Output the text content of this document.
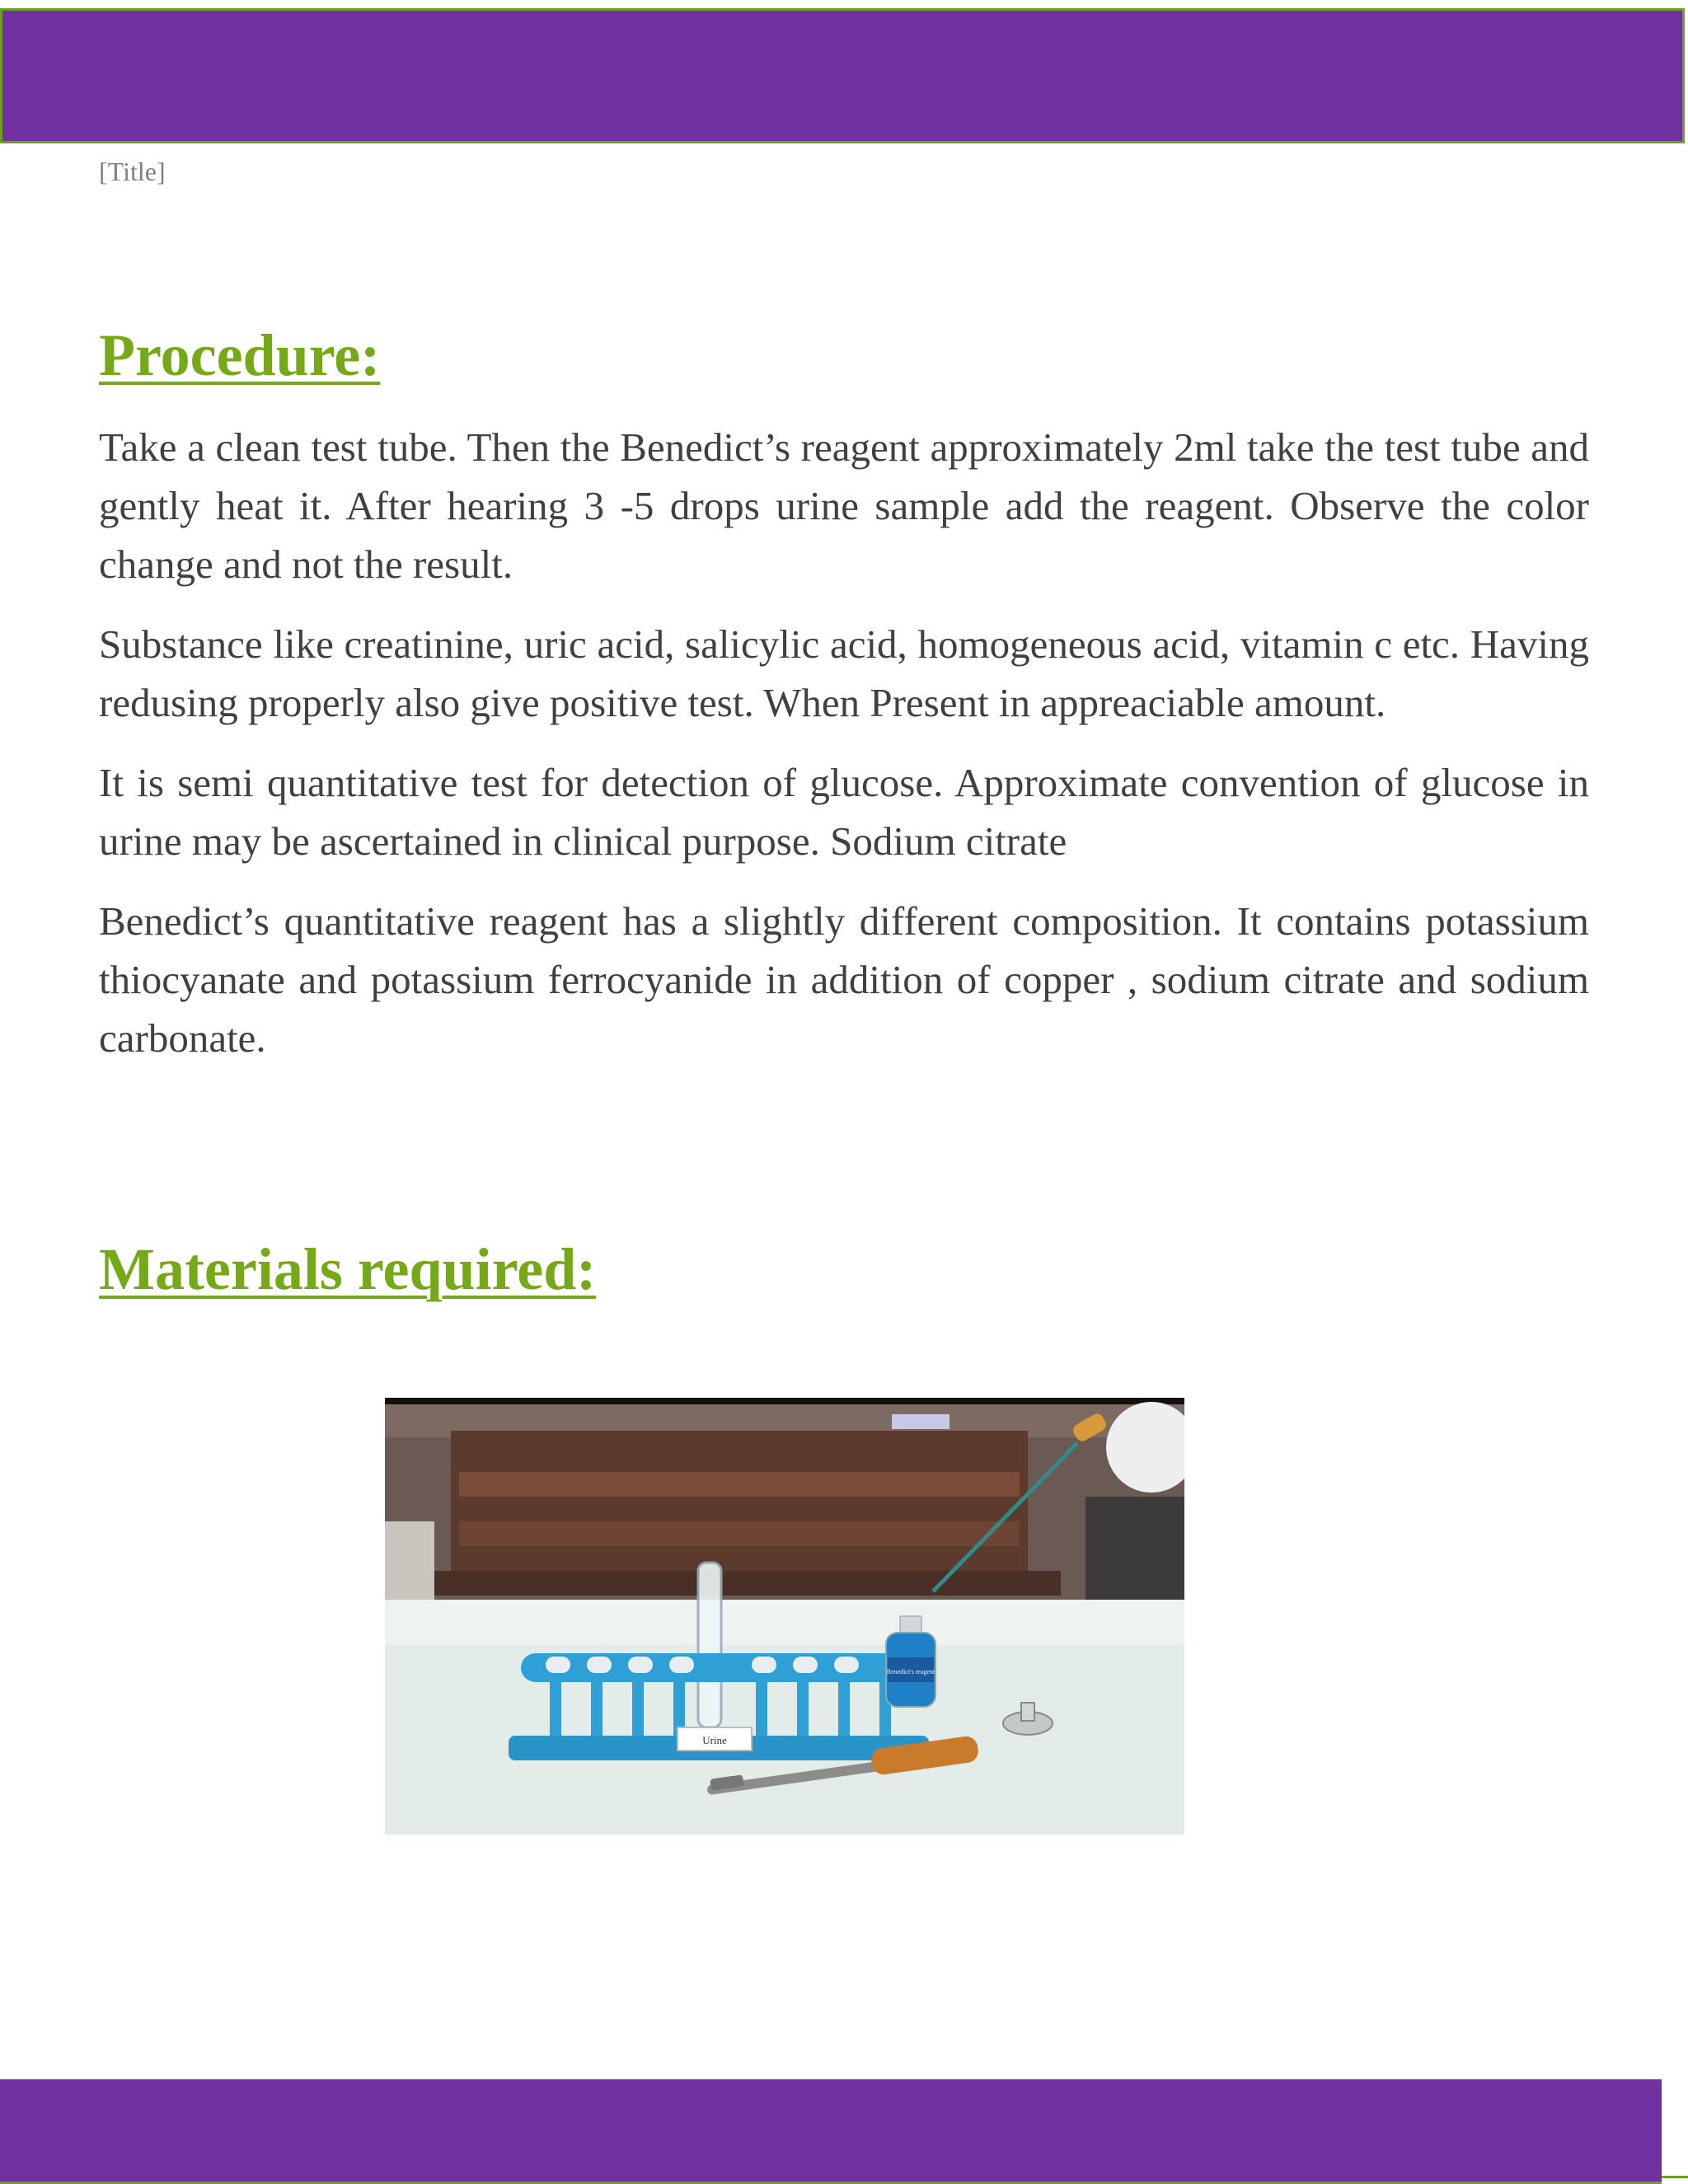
[Title]
Procedure:

Take a clean test tube. Then the Benedict’s reagent approximately 2ml take the test tube and gently heat it. After hearing 3 -5 drops urine sample add the reagent. Observe the color change and not the result.

Substance like creatinine, uric acid, salicylic acid, homogeneous acid, vitamin c etc. Having redusing properly also give positive test. When Present in appreaciable amount.

It is semi quantitative test for detection of glucose. Approximate convention of glucose in urine may be ascertained in clinical purpose. Sodium citrate

Benedict’s quantitative reagent has a slightly different composition. It contains potassium thiocyanate and potassium ferrocyanide in addition of copper , sodium citrate and sodium carbonate.

Materials required:
Urine
Benedict's reagent
